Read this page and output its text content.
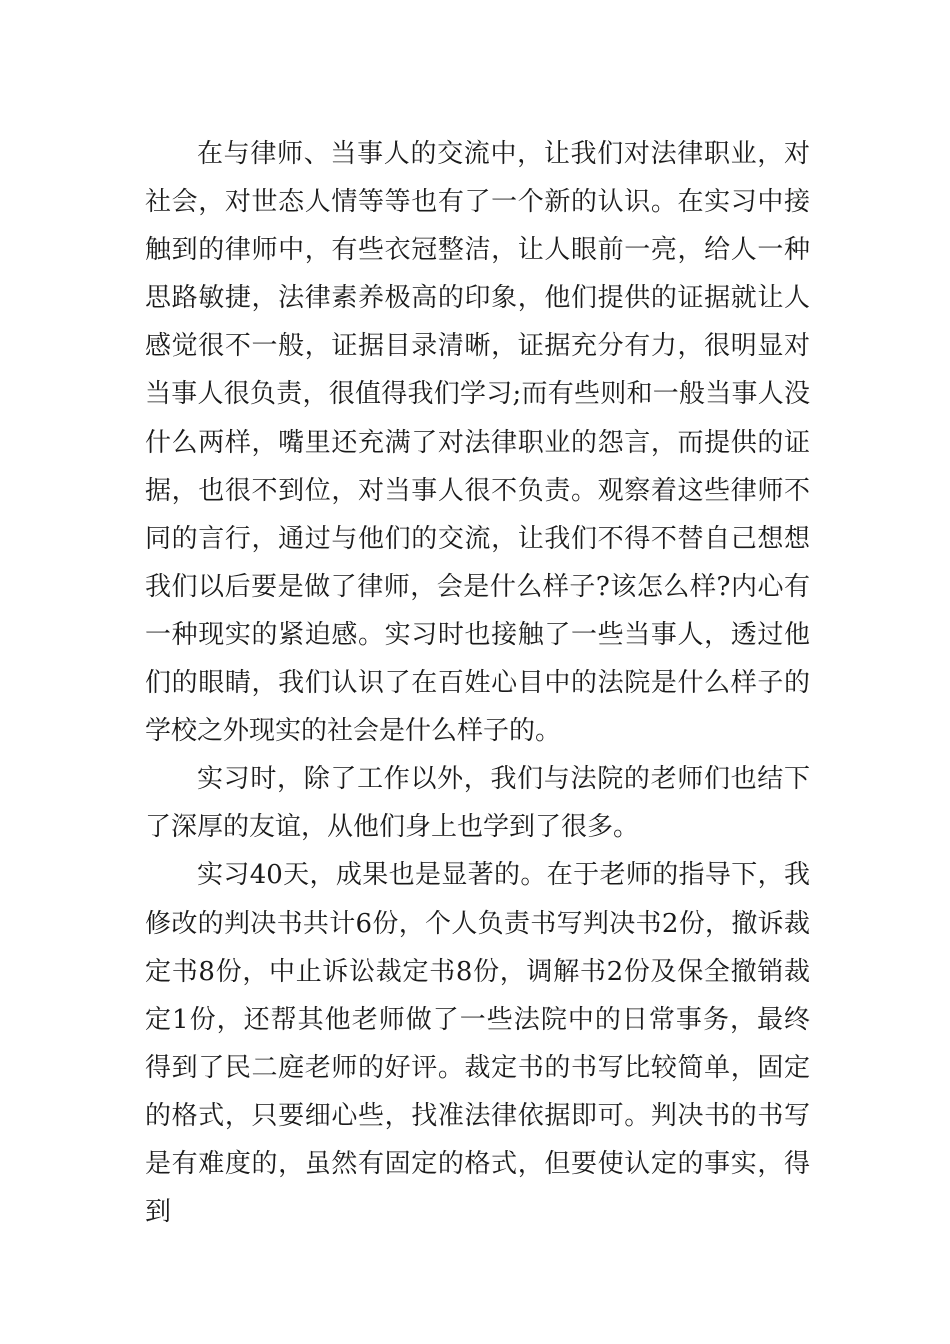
在与律师、当事人的交流中，让我们对法律职业，对社会，对世态人情等等也有了一个新的认识。在实习中接触到的律师中，有些衣冠整洁，让人眼前一亮，给人一种思路敏捷，法律素养极高的印象，他们提供的证据就让人感觉很不一般，证据目录清晰，证据充分有力，很明显对当事人很负责，很值得我们学习;而有些则和一般当事人没什么两样，嘴里还充满了对法律职业的怨言，而提供的证据，也很不到位，对当事人很不负责。观察着这些律师不同的言行，通过与他们的交流，让我们不得不替自己想想我们以后要是做了律师，会是什么样子?该怎么样?内心有一种现实的紧迫感。实习时也接触了一些当事人，透过他们的眼睛，我们认识了在百姓心目中的法院是什么样子的学校之外现实的社会是什么样子的。

实习时，除了工作以外，我们与法院的老师们也结下了深厚的友谊，从他们身上也学到了很多。

实习40天，成果也是显著的。在于老师的指导下，我修改的判决书共计6份，个人负责书写判决书2份，撤诉裁定书8份，中止诉讼裁定书8份，调解书2份及保全撤销裁定1份，还帮其他老师做了一些法院中的日常事务，最终得到了民二庭老师的好评。裁定书的书写比较简单，固定的格式，只要细心些，找准法律依据即可。判决书的书写是有难度的，虽然有固定的格式，但要使认定的事实，得到
